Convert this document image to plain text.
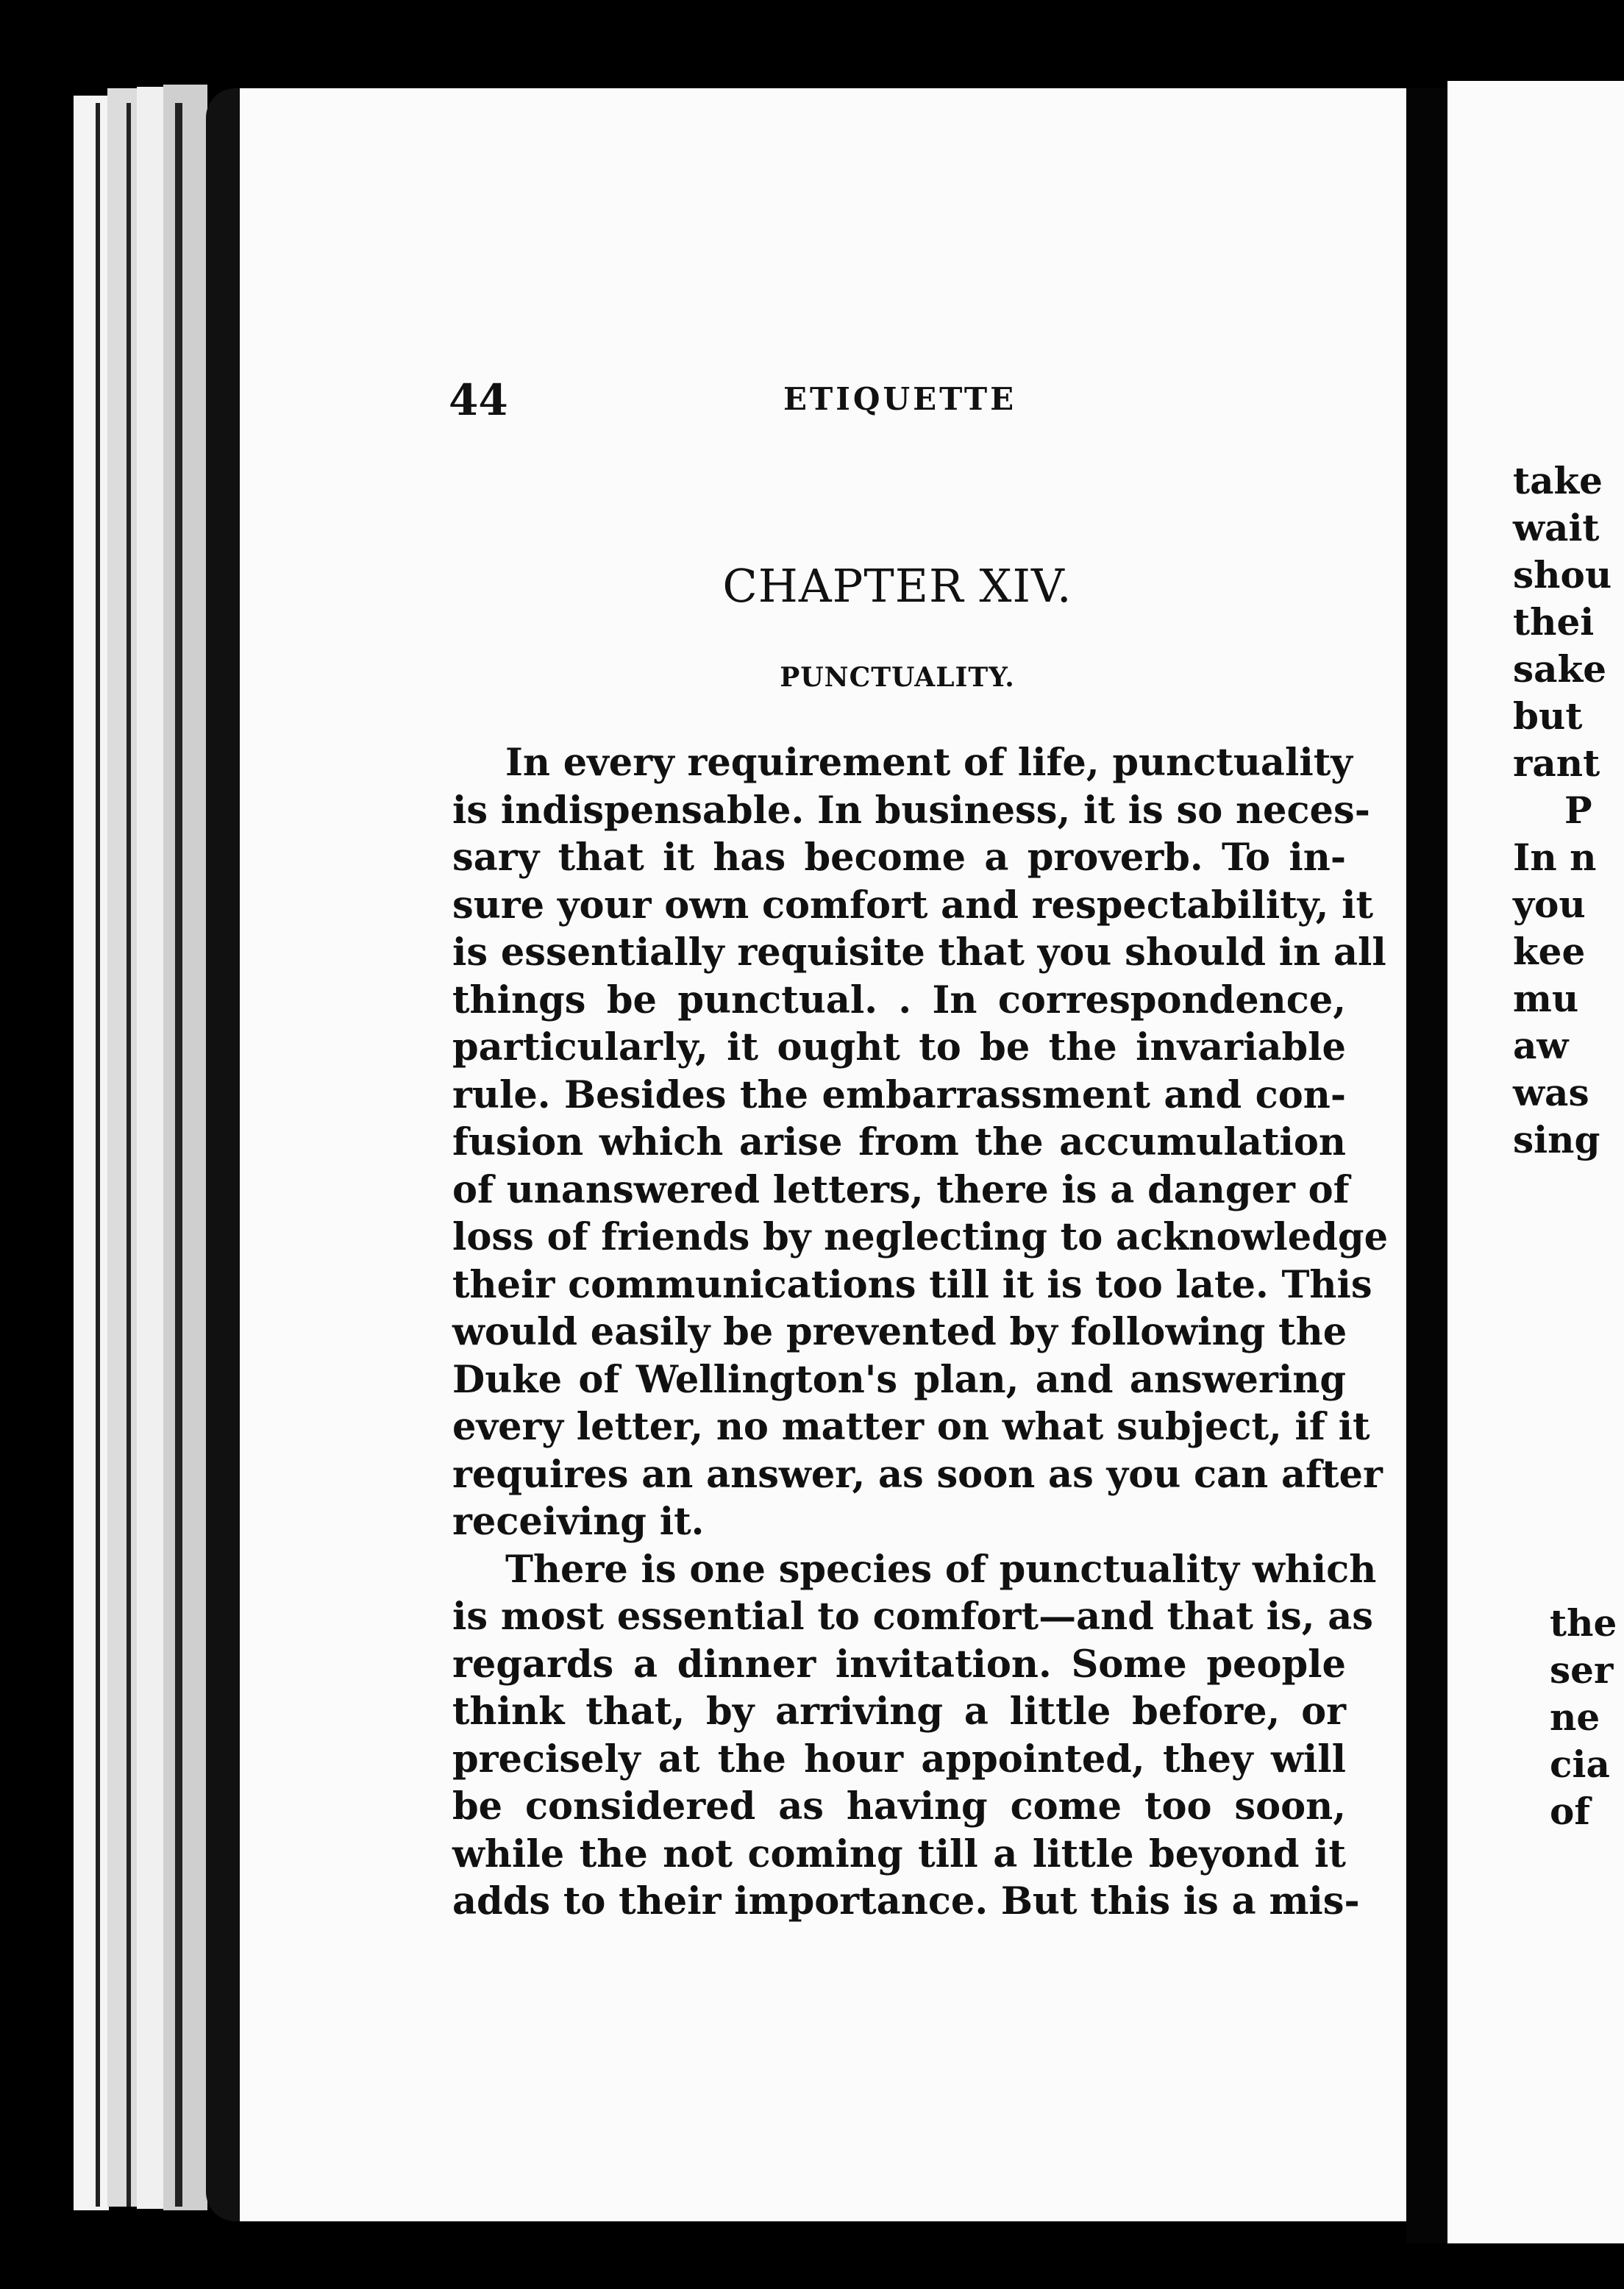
44	ETIQUETTE
CHAPTER XIV.
PUNCTUALITY.
In every requirement of life, punctuality
is indispensable. In business, it is so neces-
sary that it has become a proverb. To in-
sure your own comfort and respectability, it
is essentially requisite that you should in all
things be punctual. . In correspondence,
particularly, it ought to be the invariable
rule. Besides the embarrassment and con-
fusion which arise from the accumulation
of unanswered letters, there is a danger of
loss of friends by neglecting to acknowledge
their communications till it is too late. This
would easily be prevented by following the
Duke of Wellington's plan, and answering
every letter, no matter on what subject, if it
requires an answer, as soon as you can after
receiving it.
There is one species of punctuality which
is most essential to comfort—and that is, as
regards a dinner invitation. Some people
think that, by arriving a little before, or
precisely at the hour appointed, they will
be considered as having come too soon,
while the not coming till a little beyond it
adds to their importance. But this is a mis-
take
wait
shou
thei
sake
but
rant
P
In n
you
kee
mu
aw
was
sing
the
ser
ne
cia
of
